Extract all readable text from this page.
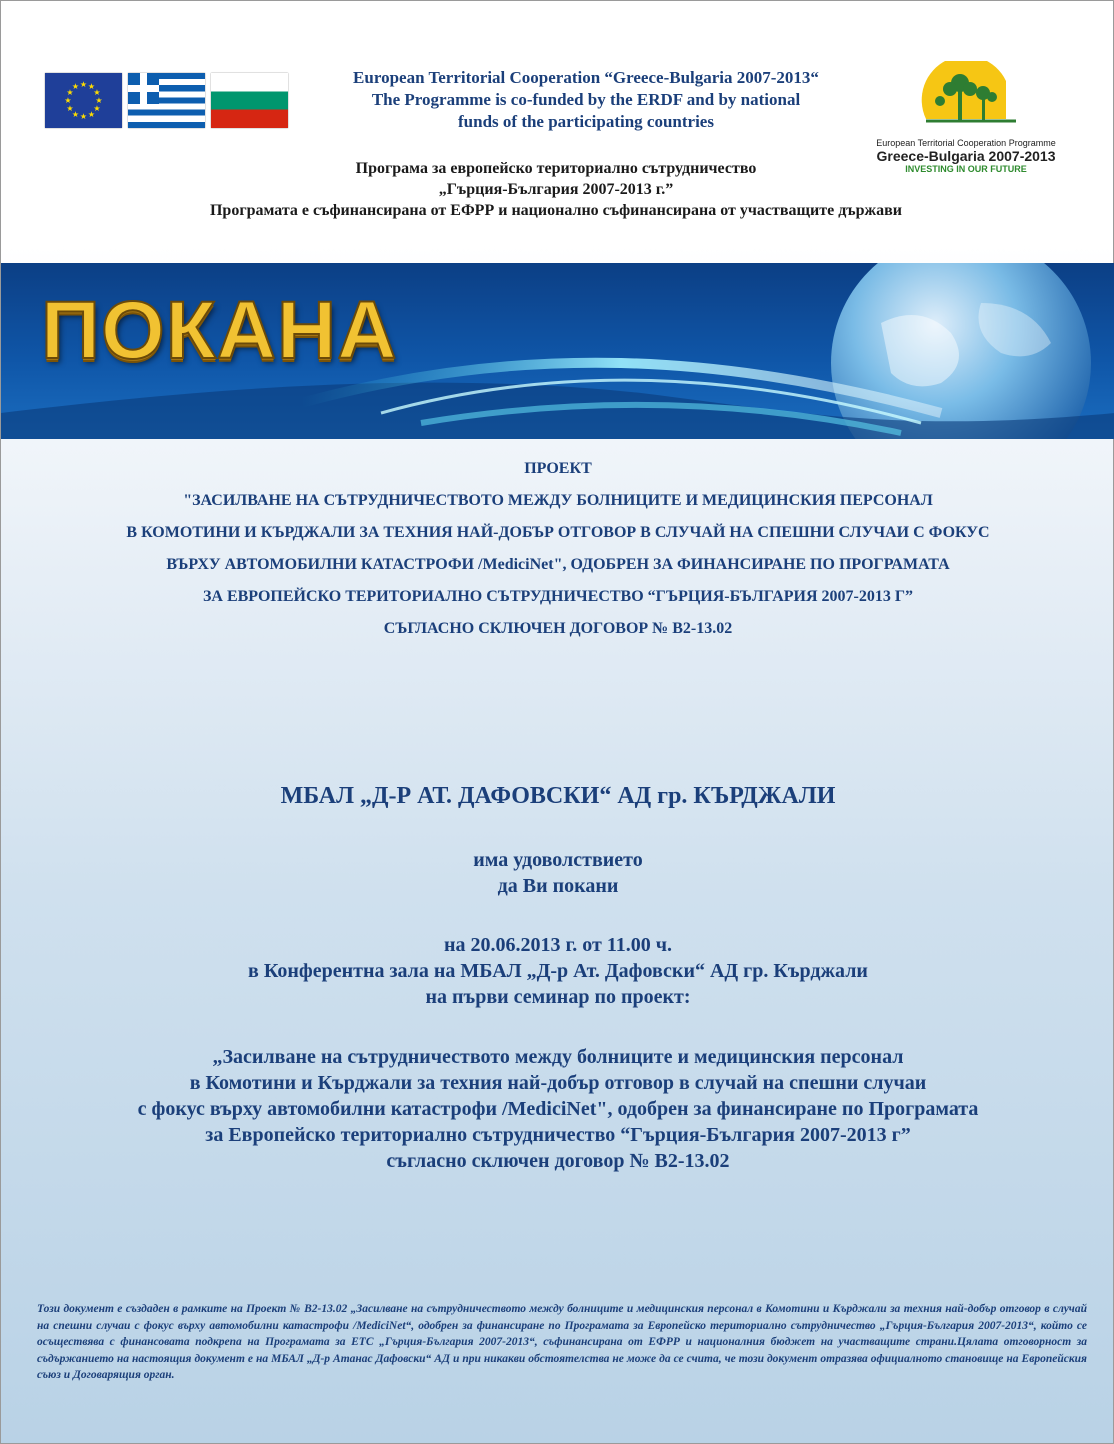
★ ★
★
★
★
★
★
★
★
★
★
★	European Territorial Cooperation “Greece-Bulgaria 2007-2013“
The Programme is co-funded by the ERDF and by national
funds of the participating countries
European Territorial Cooperation Programme
Greece-Bulgaria 2007-2013
INVESTING IN OUR FUTURE
Програма за европейско териториално сътрудничество
„Гърция-България 2007-2013 г.”
Програмата е съфинансирана от ЕФРР и национално съфинансирана от участващите държави
ПОКАНА
ПРОЕКТ
"ЗАСИЛВАНЕ НА СЪТРУДНИЧЕСТВОТО МЕЖДУ БОЛНИЦИТЕ И МЕДИЦИНСКИЯ ПЕРСОНАЛ
В КОМОТИНИ И КЪРДЖАЛИ ЗА ТЕХНИЯ НАЙ-ДОБЪР ОТГОВОР В СЛУЧАЙ НА СПЕШНИ СЛУЧАИ С ФОКУС
ВЪРХУ АВТОМОБИЛНИ КАТАСТРОФИ /MediciNet", ОДОБРЕН ЗА ФИНАНСИРАНЕ ПО ПРОГРАМАТА
ЗА ЕВРОПЕЙСКО ТЕРИТОРИАЛНО СЪТРУДНИЧЕСТВО “ГЪРЦИЯ-БЪЛГАРИЯ 2007-2013 Г”
СЪГЛАСНО СКЛЮЧЕН ДОГОВОР № В2-13.02
МБАЛ „Д-Р АТ. ДАФОВСКИ“ АД гр. КЪРДЖАЛИ
има удоволствието
да Ви покани
на 20.06.2013 г. от 11.00 ч.
в Конферентна зала на МБАЛ „Д-р Ат. Дафовски“ АД гр. Кърджали
на първи семинар по проект:
„Засилване на сътрудничеството между болниците и медицинския персонал
в Комотини и Кърджали за техния най-добър отговор в случай на спешни случаи
с фокус върху автомобилни катастрофи /MediciNet", одобрен за финансиране по Програмата
за Европейско териториално сътрудничество “Гърция-България 2007-2013 г”
съгласно сключен договор № В2-13.02
Този документ е създаден в рамките на Проект № В2-13.02 „Засилване на сътрудничеството между болниците и медицинския персонал в Комотини и Кърджали за техния най-добър отговор в случай на спешни случаи с фокус върху автомобилни катастрофи /MediciNet“, одобрен за финансиране по Програмата за Европейско териториално сътрудничество „Гърция-България 2007-2013“, който се осъществява с финансовата подкрепа на Програмата за ЕТС „Гърция-България 2007-2013“, съфинансирана от ЕФРР и националния бюджет на участващите страни.Цялата отговорност за съдържанието на настоящия документ е на МБАЛ „Д-р Атанас Дафовски“ АД и при никакви обстоятелства не може да се счита, че този документ отразява официалното становище на Европейския съюз и Договарящия орган.
